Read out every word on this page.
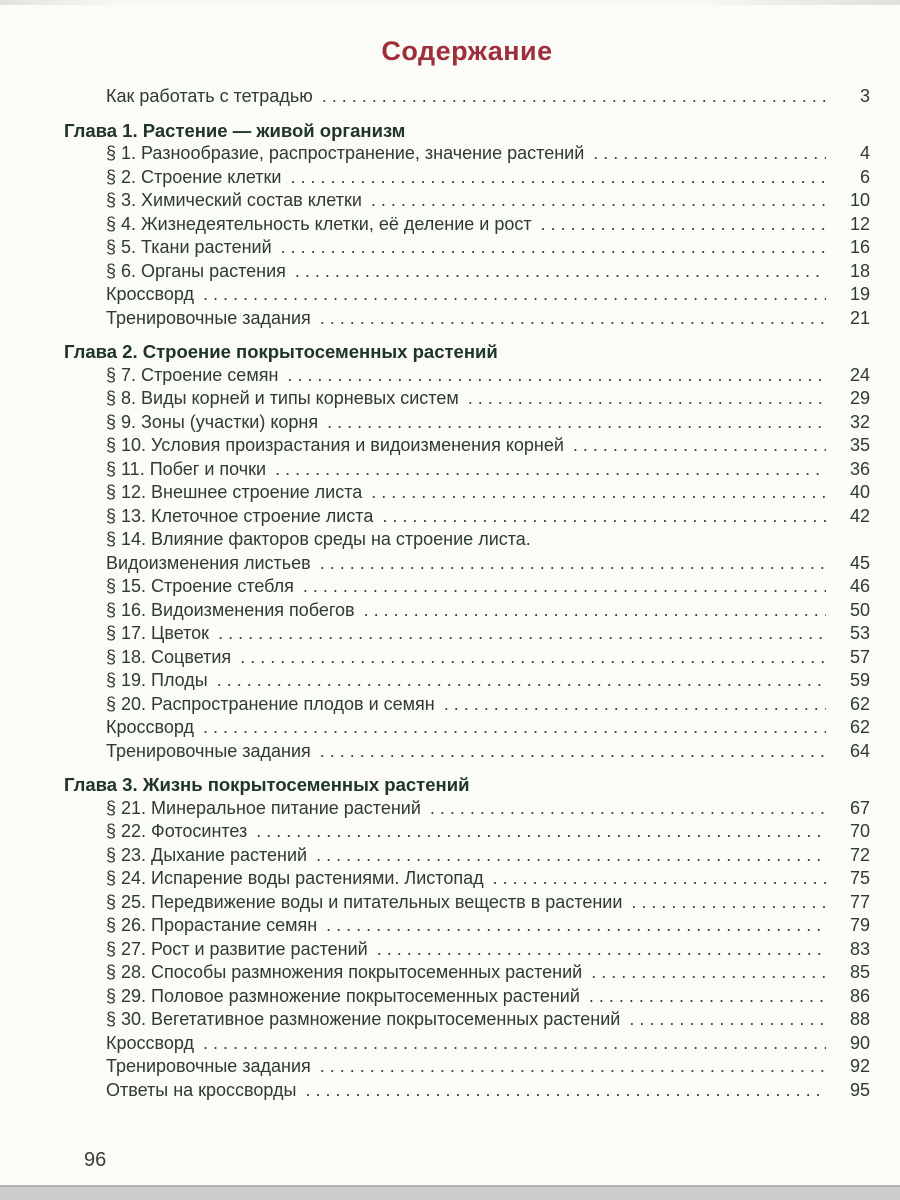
Содержание
Как работать с тетрадью . . .	3
Глава 1. Растение — живой организм
§ 1. Разнообразие, распространение, значение растений . . .	4
§ 2. Строение клетки . . .	6
§ 3. Химический состав клетки . . .	10
§ 4. Жизнедеятельность клетки, её деление и рост . . .	12
§ 5. Ткани растений . . .	16
§ 6. Органы растения . . .	18
Кроссворд . . .	19
Тренировочные задания . . .	21
Глава 2. Строение покрытосеменных растений
§ 7. Строение семян . . .	24
§ 8. Виды корней и типы корневых систем . . .	29
§ 9. Зоны (участки) корня . . .	32
§ 10. Условия произрастания и видоизменения корней . . .	35
§ 11. Побег и почки . . .	36
§ 12. Внешнее строение листа . . .	40
§ 13. Клеточное строение листа . . .	42
§ 14. Влияние факторов среды на строение листа.
Видоизменения листьев . . .	45
§ 15. Строение стебля . . .	46
§ 16. Видоизменения побегов . . .	50
§ 17. Цветок . . .	53
§ 18. Соцветия . . .	57
§ 19. Плоды . . .	59
§ 20. Распространение плодов и семян . . .	62
Кроссворд . . .	62
Тренировочные задания . . .	64
Глава 3. Жизнь покрытосеменных растений
§ 21. Минеральное питание растений . . .	67
§ 22. Фотосинтез . . .	70
§ 23. Дыхание растений . . .	72
§ 24. Испарение воды растениями. Листопад . . .	75
§ 25. Передвижение воды и питательных веществ в растении . . .	77
§ 26. Прорастание семян . . .	79
§ 27. Рост и развитие растений . . .	83
§ 28. Способы размножения покрытосеменных растений . . .	85
§ 29. Половое размножение покрытосеменных растений . . .	86
§ 30. Вегетативное размножение покрытосеменных растений . . .	88
Кроссворд . . .	90
Тренировочные задания . . .	92
Ответы на кроссворды . . .	95
96
